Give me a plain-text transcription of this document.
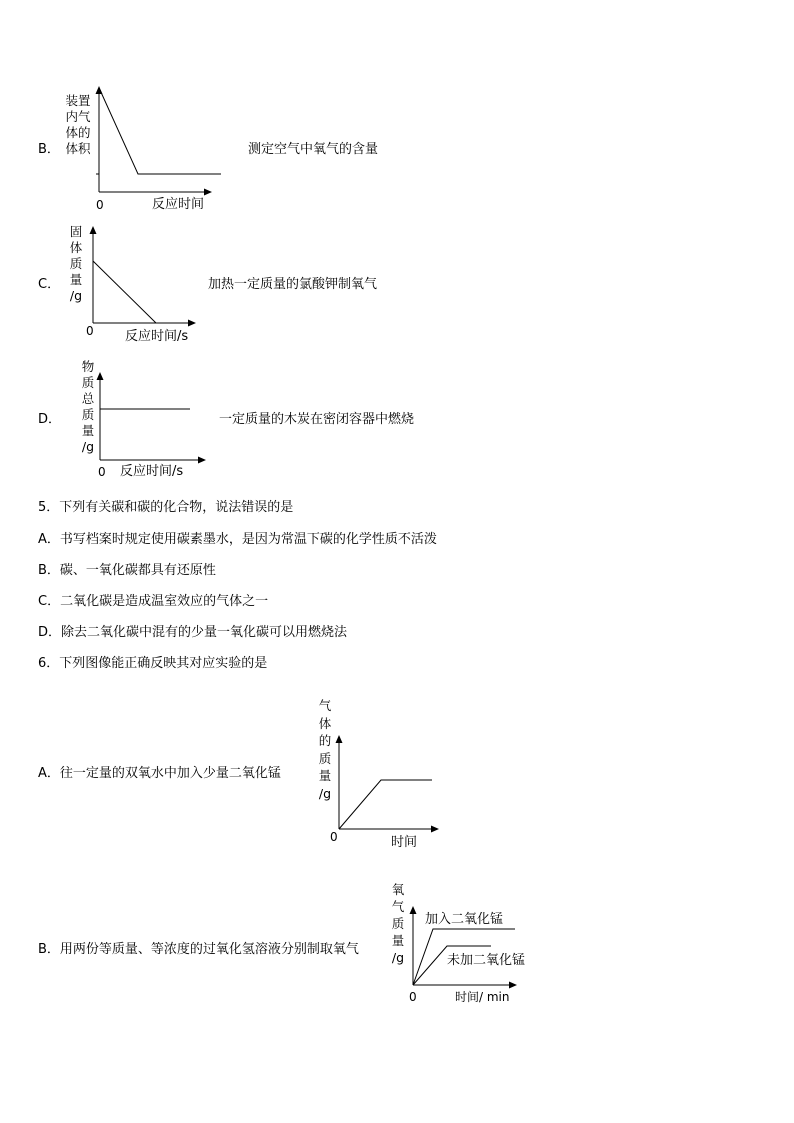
B．
装置
内气
体的
体积
0	反应时间
测定空气中氧气的含量
C．
固
体
质
量
/g
0 反应时间/s
加热一定质量的氯酸钾制氧气
D．
物
质
总
质
量
/g
0 反应时间/s
一定质量的木炭在密闭容器中燃烧
5．下列有关碳和碳的化合物，说法错误的是
A．书写档案时规定使用碳素墨水，是因为常温下碳的化学性质不活泼
B．碳、一氧化碳都具有还原性
C．二氧化碳是造成温室效应的气体之一
D．除去二氧化碳中混有的少量一氧化碳可以用燃烧法
6．下列图像能正确反映其对应实验的是
A．往一定量的双氧水中加入少量二氧化锰
气
体
的
质
量
/g
0	时间
B．用两份等质量、等浓度的过氧化氢溶液分别制取氧气
氧
气
质
量
/g
加入二氧化锰
未加二氧化锰
0	时间/ min
